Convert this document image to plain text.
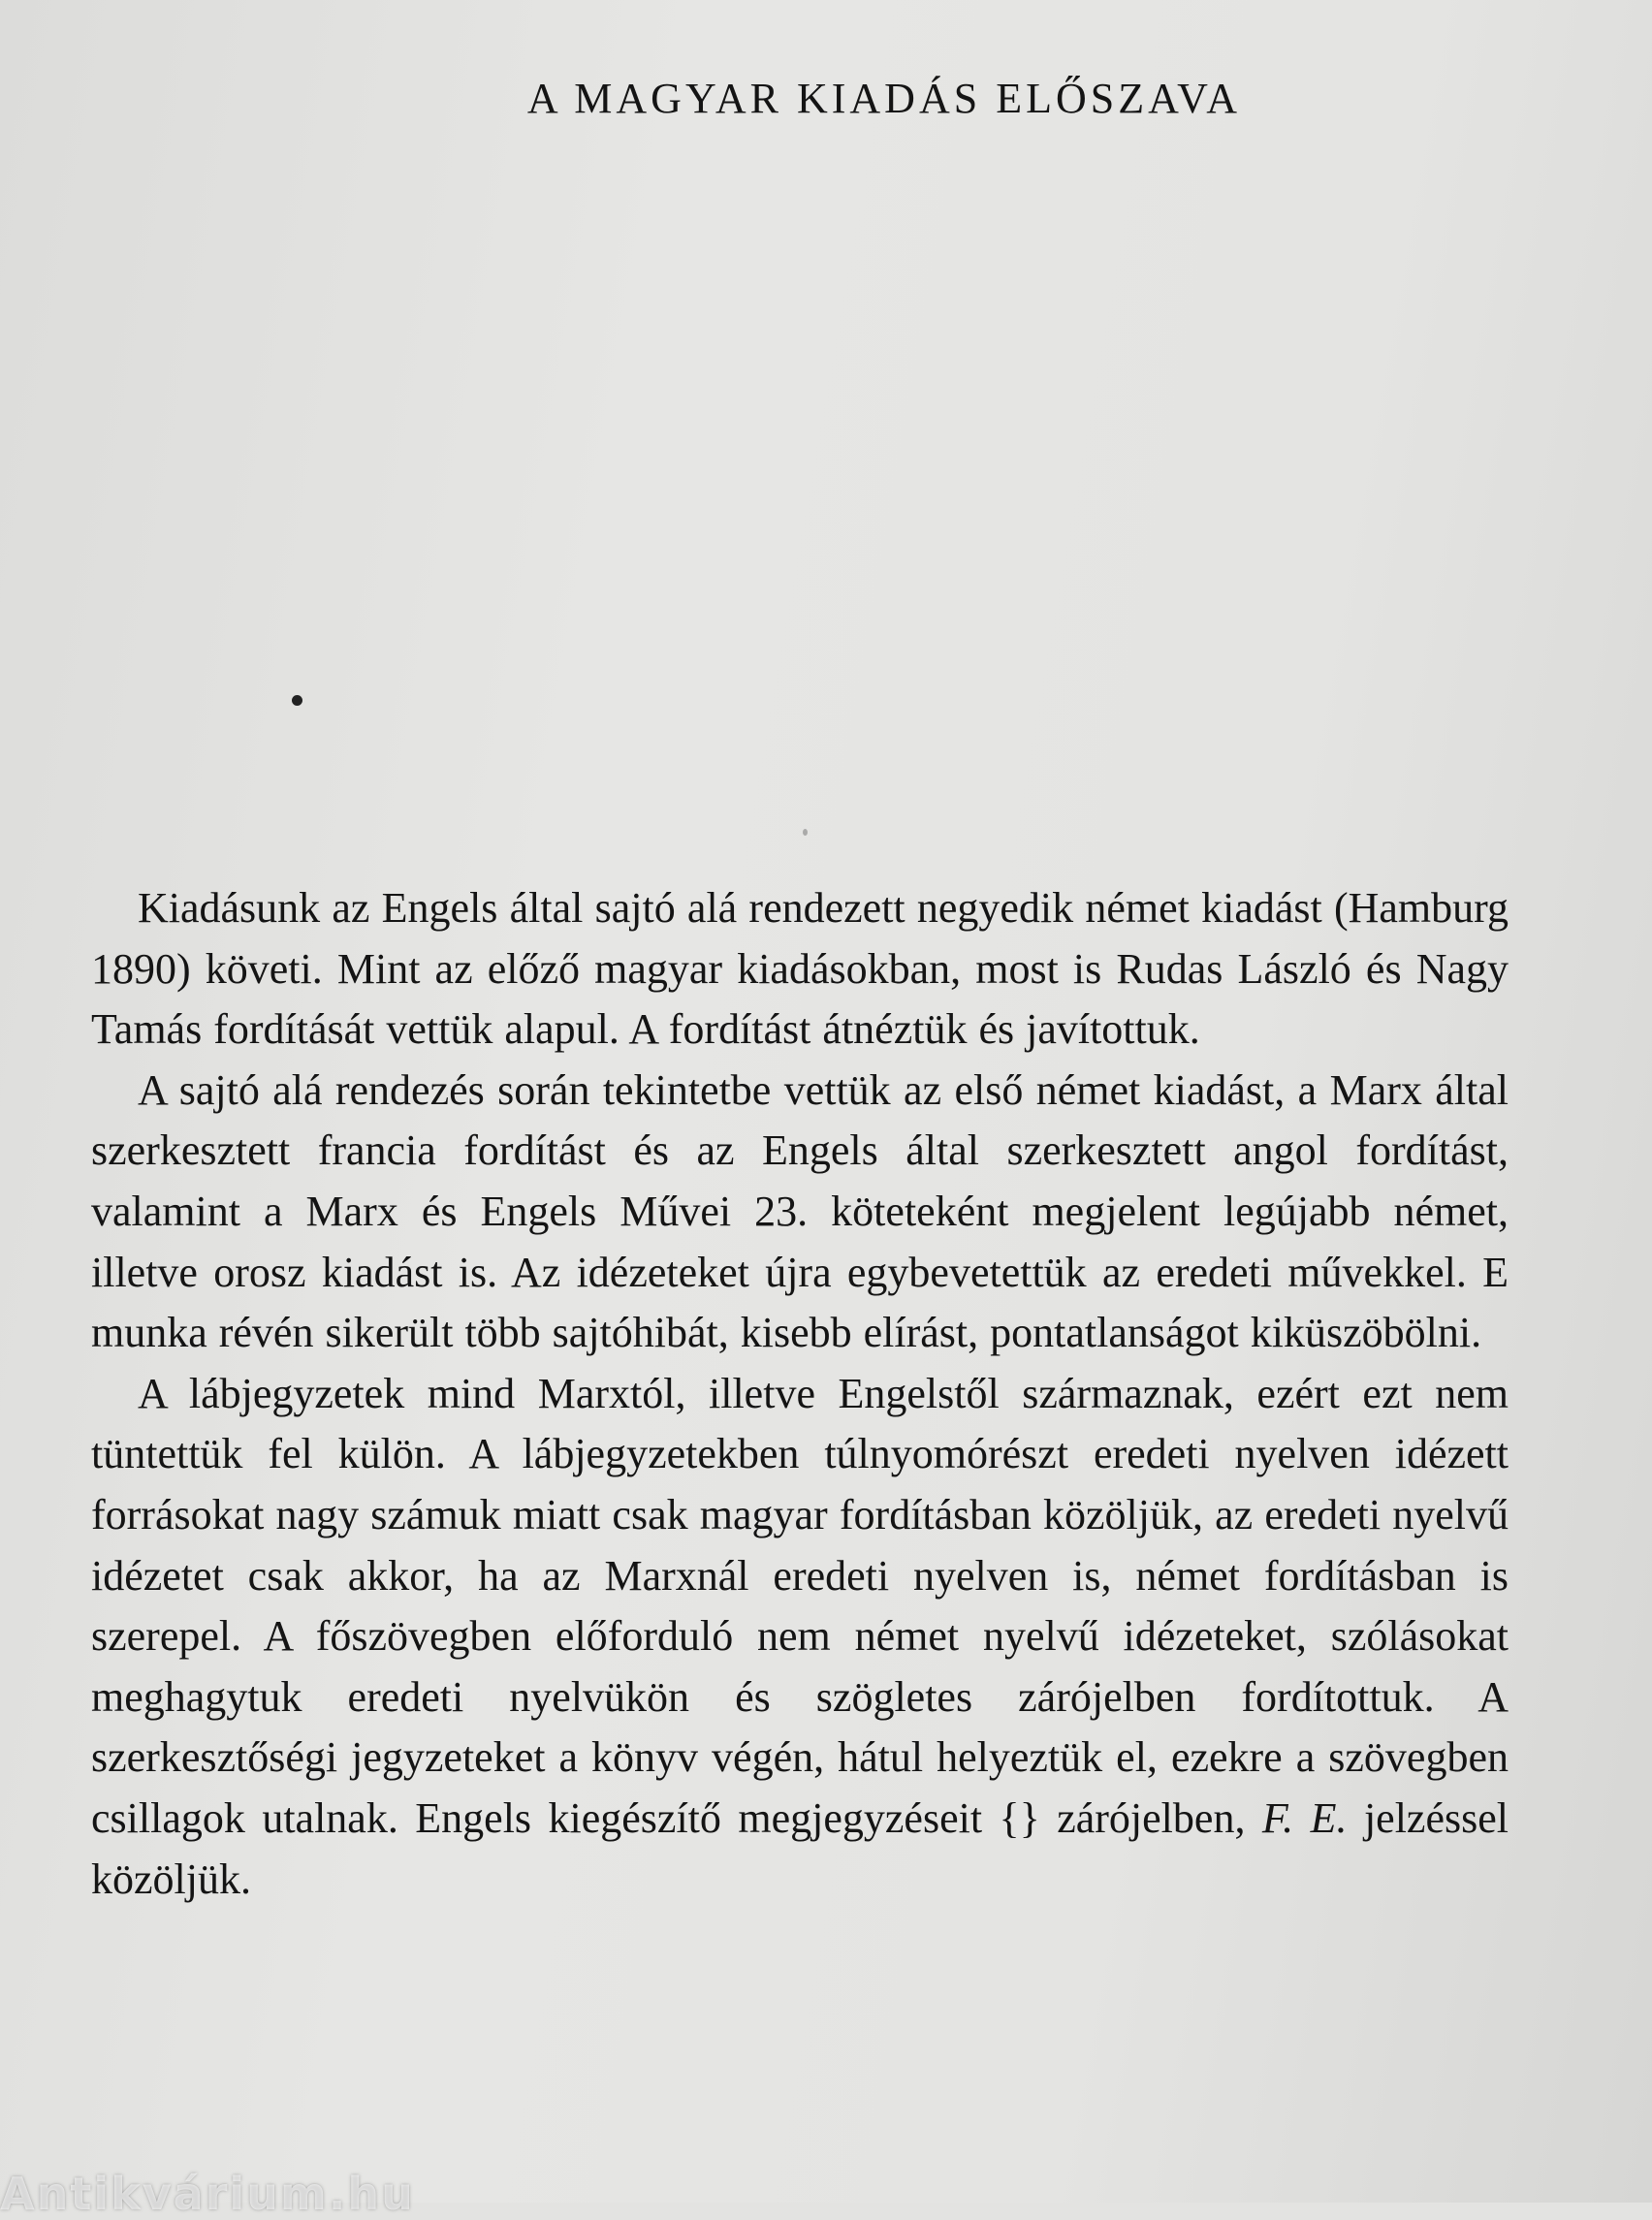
A MAGYAR KIADÁS ELŐSZAVA

Kiadásunk az Engels által sajtó alá rendezett negyedik német kiadást (Hamburg 1890) követi. Mint az előző magyar kiadásokban, most is Rudas László és Nagy Tamás fordítását vettük alapul. A fordítást átnéztük és javítottuk.

A sajtó alá rendezés során tekintetbe vettük az első német kiadást, a Marx által szerkesztett francia fordítást és az Engels által szerkesztett angol fordítást, valamint a Marx és Engels Művei 23. köteteként megjelent legújabb német, illetve orosz kiadást is. Az idézeteket újra egybevetettük az eredeti művekkel. E munka révén sikerült több sajtóhibát, kisebb elírást, pontatlanságot kiküszöbölni.

A lábjegyzetek mind Marxtól, illetve Engelstől származnak, ezért ezt nem tüntettük fel külön. A lábjegyzetekben túlnyomórészt eredeti nyelven idézett forrásokat nagy számuk miatt csak magyar fordításban közöljük, az eredeti nyelvű idézetet csak akkor, ha az Marxnál eredeti nyelven is, német fordításban is szerepel. A főszövegben előforduló nem német nyelvű idézeteket, szólásokat meghagytuk eredeti nyelvükön és szögletes zárójelben fordítottuk. A szerkesztőségi jegyzeteket a könyv végén, hátul helyeztük el, ezekre a szövegben csillagok utalnak. Engels kiegészítő megjegyzéseit {} zárójelben, F. E. jelzéssel közöljük.

Antikvárium.hu
